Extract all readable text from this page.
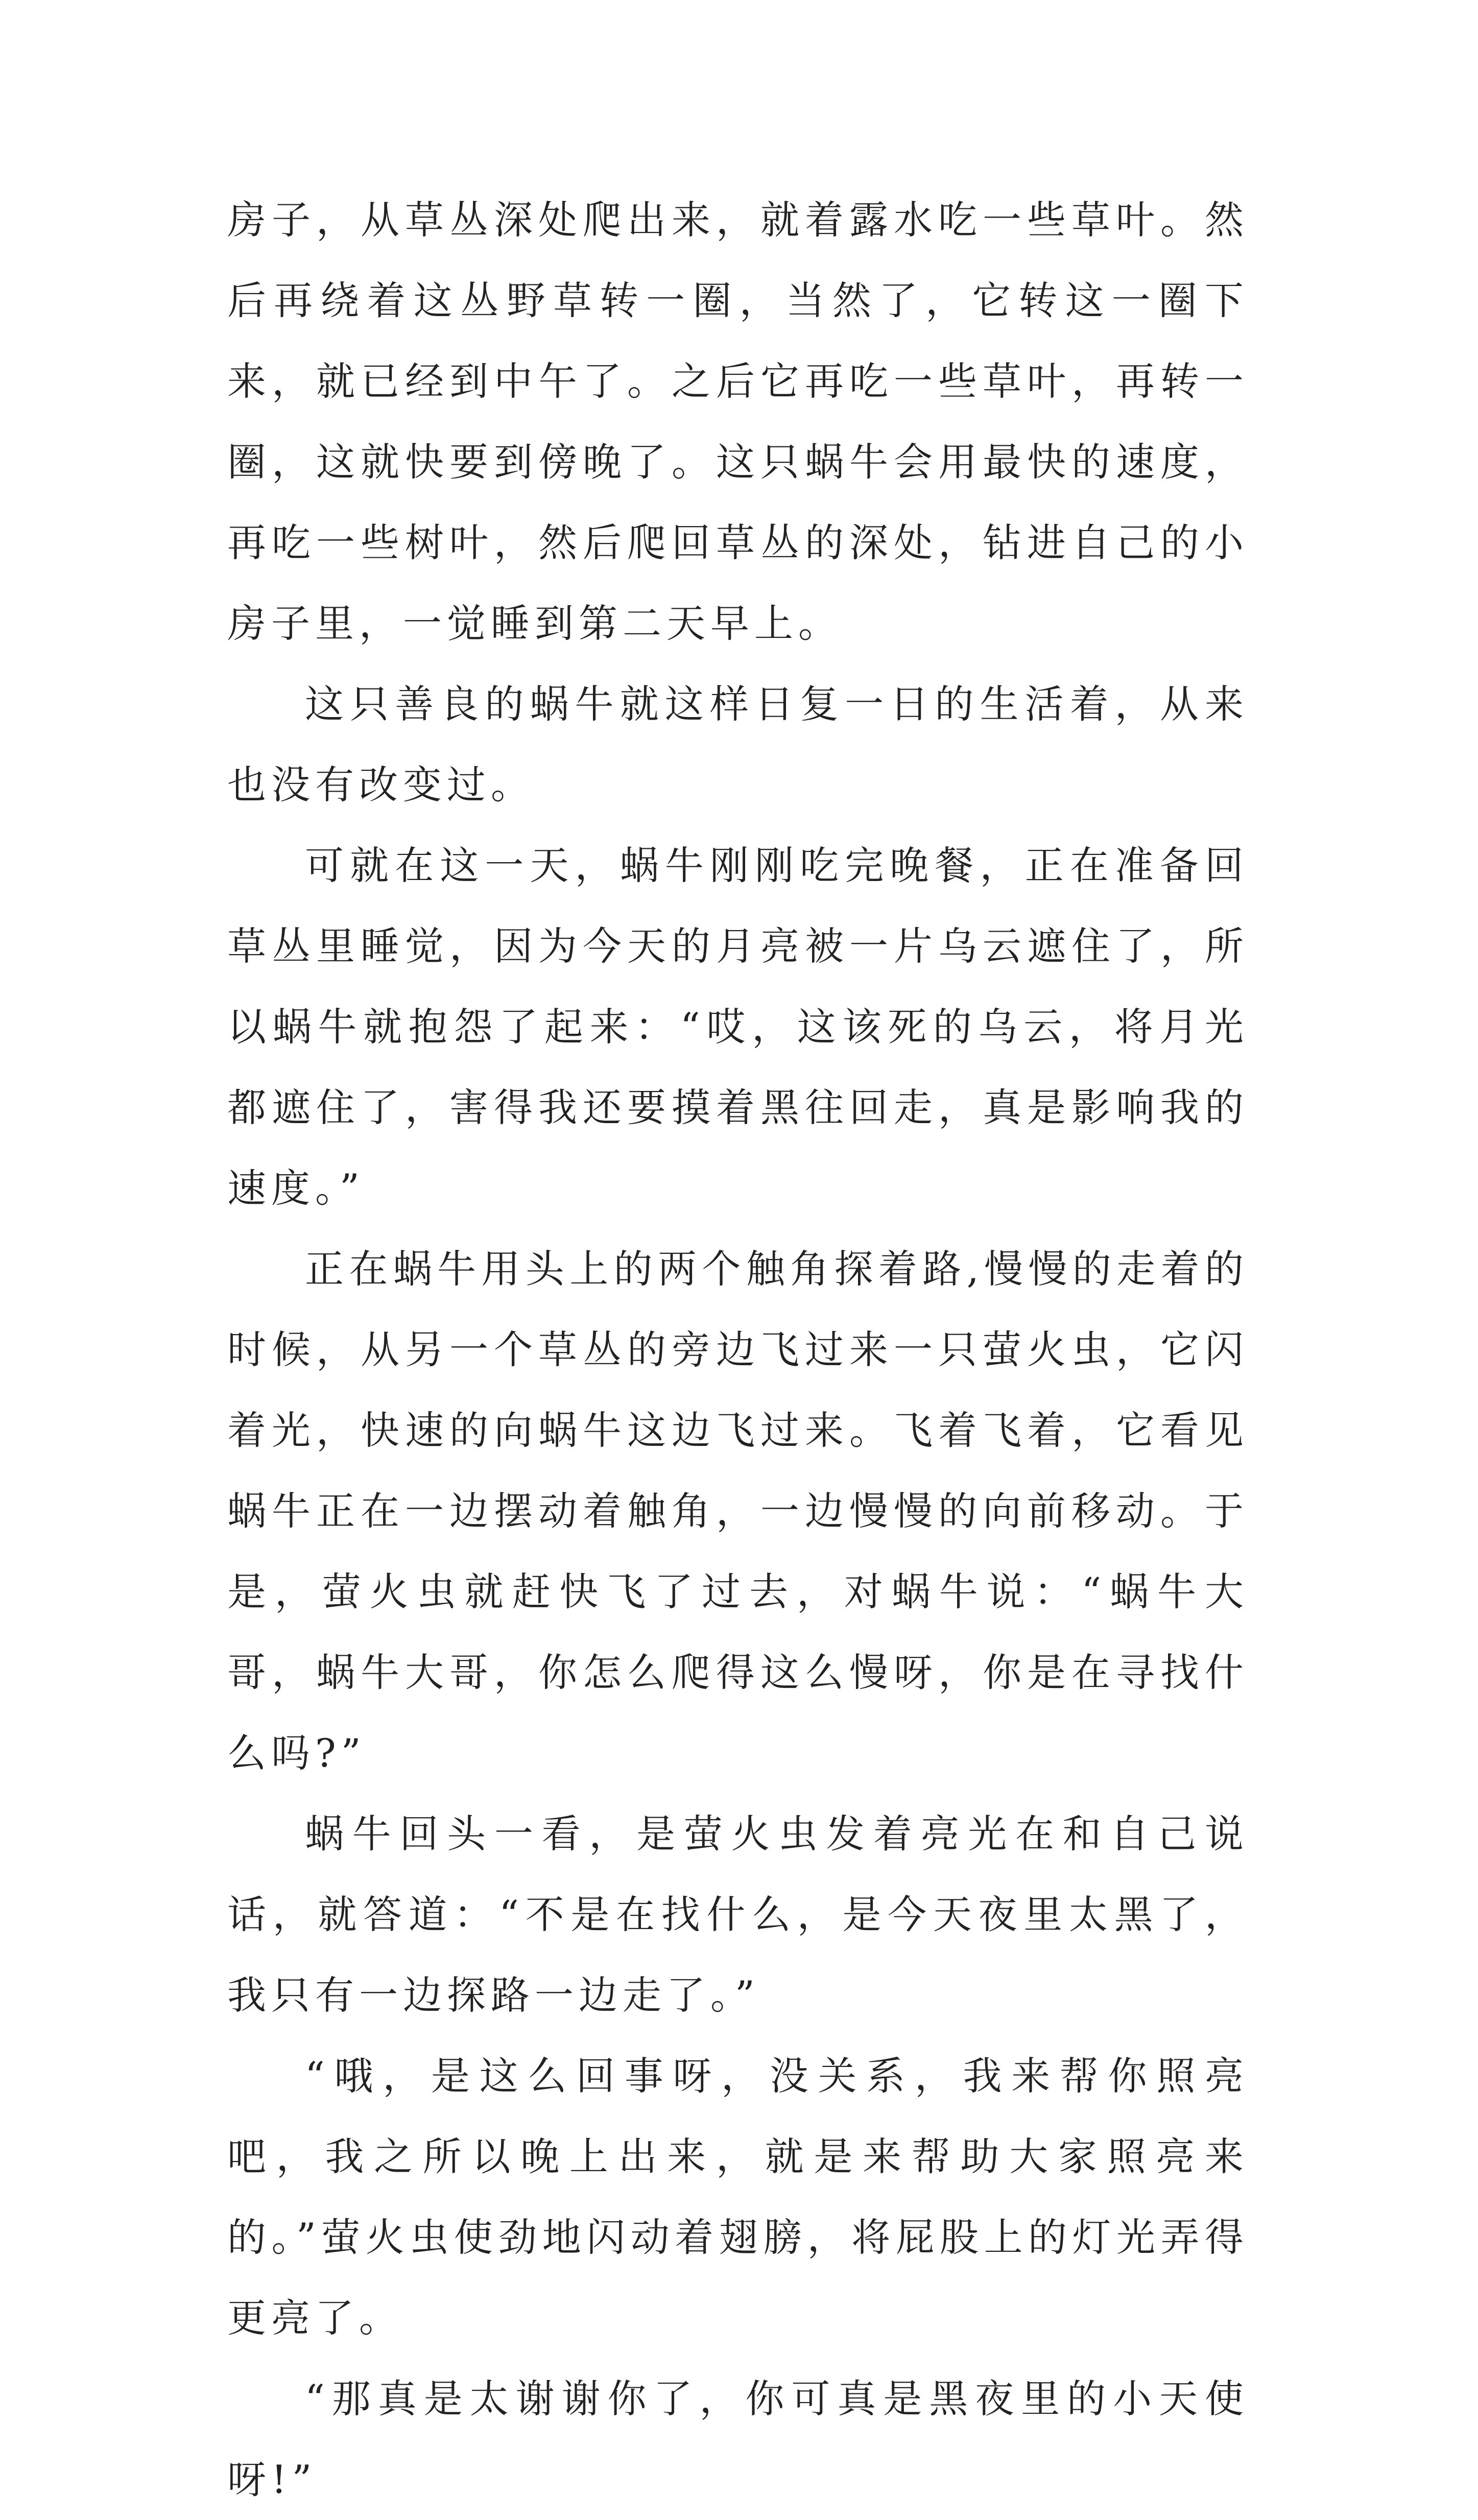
房子，从草丛深处爬出来，就着露水吃一些草叶。然后再绕着这丛野草转一圈，当然了，它转这一圈下来，就已经到中午了。之后它再吃一些草叶，再转一圈，这就快要到傍晚了。这只蜗牛会用最快的速度，再吃一些树叶，然后爬回草丛的深处，钻进自己的小房子里，一觉睡到第二天早上。

这只善良的蜗牛就这样日复一日的生活着，从来也没有改变过。

可就在这一天，蜗牛刚刚吃完晚餐，正在准备回草丛里睡觉，因为今天的月亮被一片乌云遮住了，所以蜗牛就抱怨了起来：“哎，这该死的乌云，将月光都遮住了，害得我还要摸着黑往回走，真是影响我的速度。”

正在蜗牛用头上的两个触角探着路,慢慢的走着的时候，从另一个草丛的旁边飞过来一只萤火虫，它闪着光，快速的向蜗牛这边飞过来。飞着飞着，它看见蜗牛正在一边摆动着触角，一边慢慢的向前移动。于是，萤火虫就赶快飞了过去，对蜗牛说：“蜗牛大哥，蜗牛大哥，你怎么爬得这么慢呀，你是在寻找什么吗?”

蜗牛回头一看，是萤火虫发着亮光在和自己说话，就答道：“不是在找什么，是今天夜里太黑了，我只有一边探路一边走了。”

“哦，是这么回事呀，没关系，我来帮你照亮吧，我之所以晚上出来，就是来帮助大家照亮来的。”萤火虫使劲地闪动着翅膀，将屁股上的灯光弄得更亮了。

“那真是太谢谢你了，你可真是黑夜里的小天使呀!”
